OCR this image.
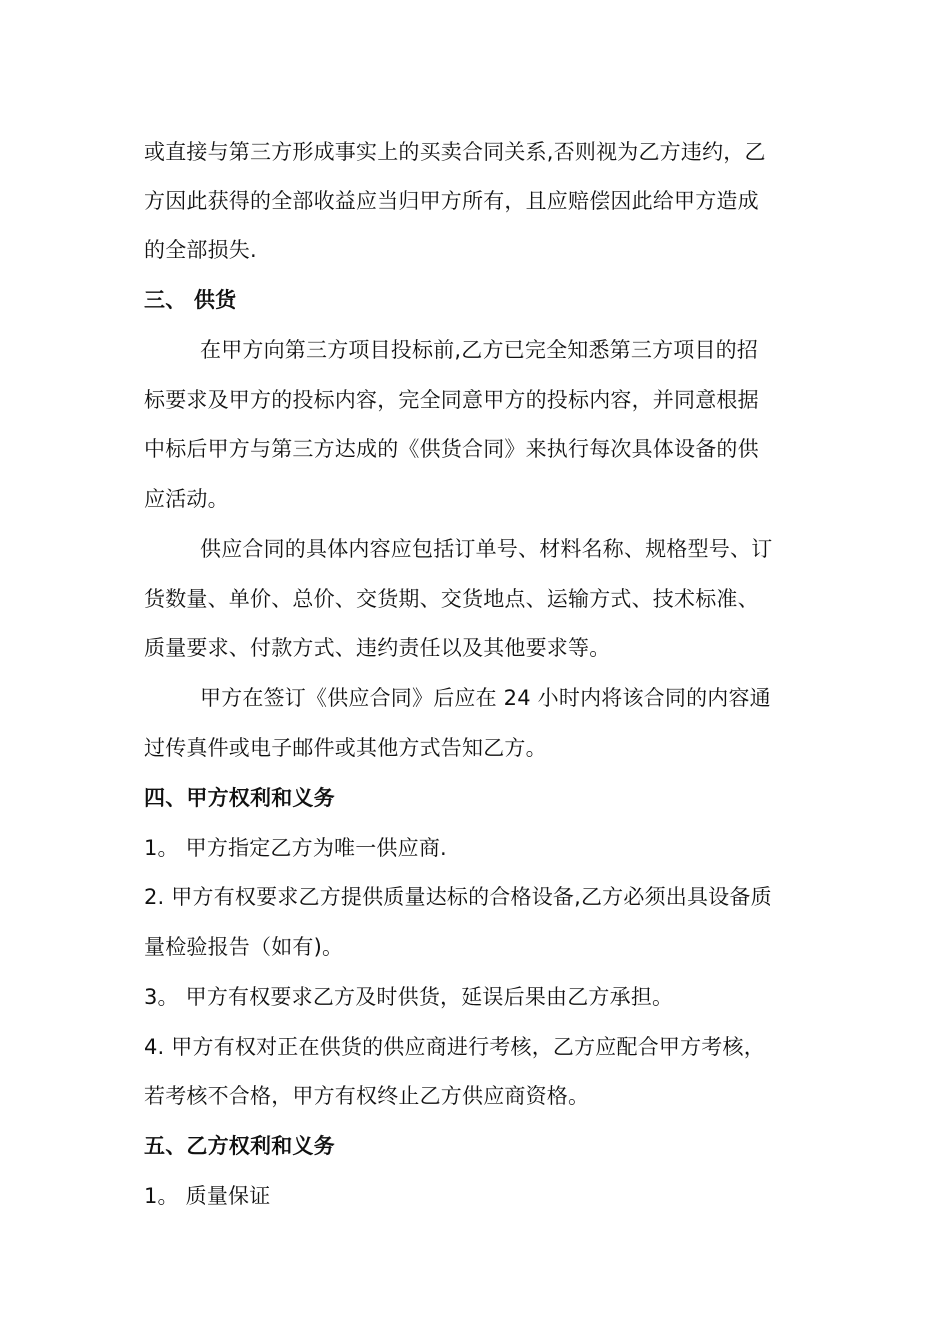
或直接与第三方形成事实上的买卖合同关系,否则视为乙方违约，乙
方因此获得的全部收益应当归甲方所有，且应赔偿因此给甲方造成
的全部损失.
三、 供货
在甲方向第三方项目投标前,乙方已完全知悉第三方项目的招
标要求及甲方的投标内容，完全同意甲方的投标内容，并同意根据
中标后甲方与第三方达成的《供货合同》来执行每次具体设备的供
应活动。
供应合同的具体内容应包括订单号、材料名称、规格型号、订
货数量、单价、总价、交货期、交货地点、运输方式、技术标准、
质量要求、付款方式、违约责任以及其他要求等。
甲方在签订《供应合同》后应在 24 小时内将该合同的内容通
过传真件或电子邮件或其他方式告知乙方。
四、甲方权利和义务
1。 甲方指定乙方为唯一供应商.
2. 甲方有权要求乙方提供质量达标的合格设备,乙方必须出具设备质
量检验报告（如有)。
3。 甲方有权要求乙方及时供货，延误后果由乙方承担。
4. 甲方有权对正在供货的供应商进行考核，乙方应配合甲方考核，
若考核不合格，甲方有权终止乙方供应商资格。
五、乙方权利和义务
1。 质量保证
